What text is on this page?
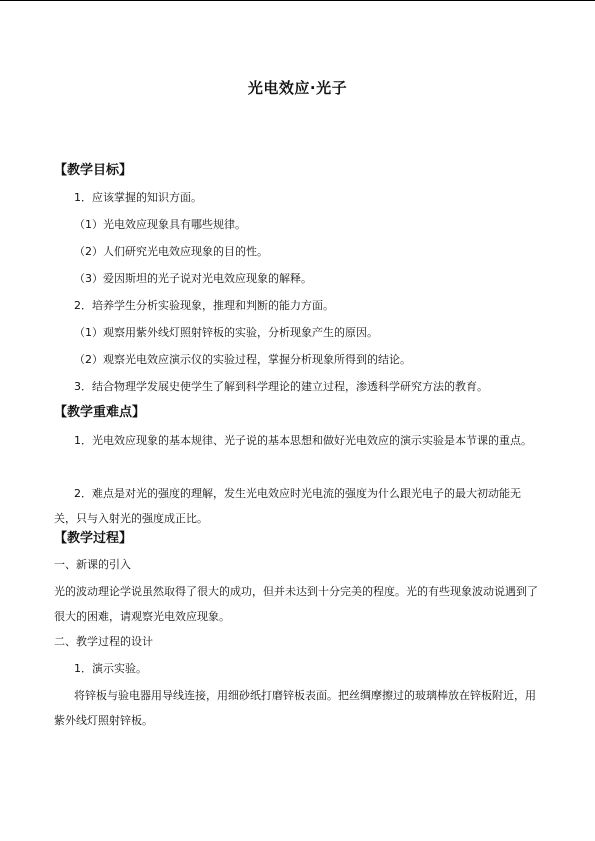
光电效应·光子
【教学目标】
1．应该掌握的知识方面。
（1）光电效应现象具有哪些规律。
（2）人们研究光电效应现象的目的性。
（3）爱因斯坦的光子说对光电效应现象的解释。
2．培养学生分析实验现象，推理和判断的能力方面。
（1）观察用紫外线灯照射锌板的实验，分析现象产生的原因。
（2）观察光电效应演示仪的实验过程，掌握分析现象所得到的结论。
3．结合物理学发展史使学生了解到科学理论的建立过程，渗透科学研究方法的教育。
【教学重难点】
1．光电效应现象的基本规律、光子说的基本思想和做好光电效应的演示实验是本节课的重点。
2．难点是对光的强度的理解，发生光电效应时光电流的强度为什么跟光电子的最大初动能无关，只与入射光的强度成正比。
【教学过程】
一、新课的引入
光的波动理论学说虽然取得了很大的成功，但并未达到十分完美的程度。光的有些现象波动说遇到了很大的困难，请观察光电效应现象。
二、教学过程的设计
1．演示实验。
将锌板与验电器用导线连接，用细砂纸打磨锌板表面。把丝绸摩擦过的玻璃棒放在锌板附近，用紫外线灯照射锌板。
